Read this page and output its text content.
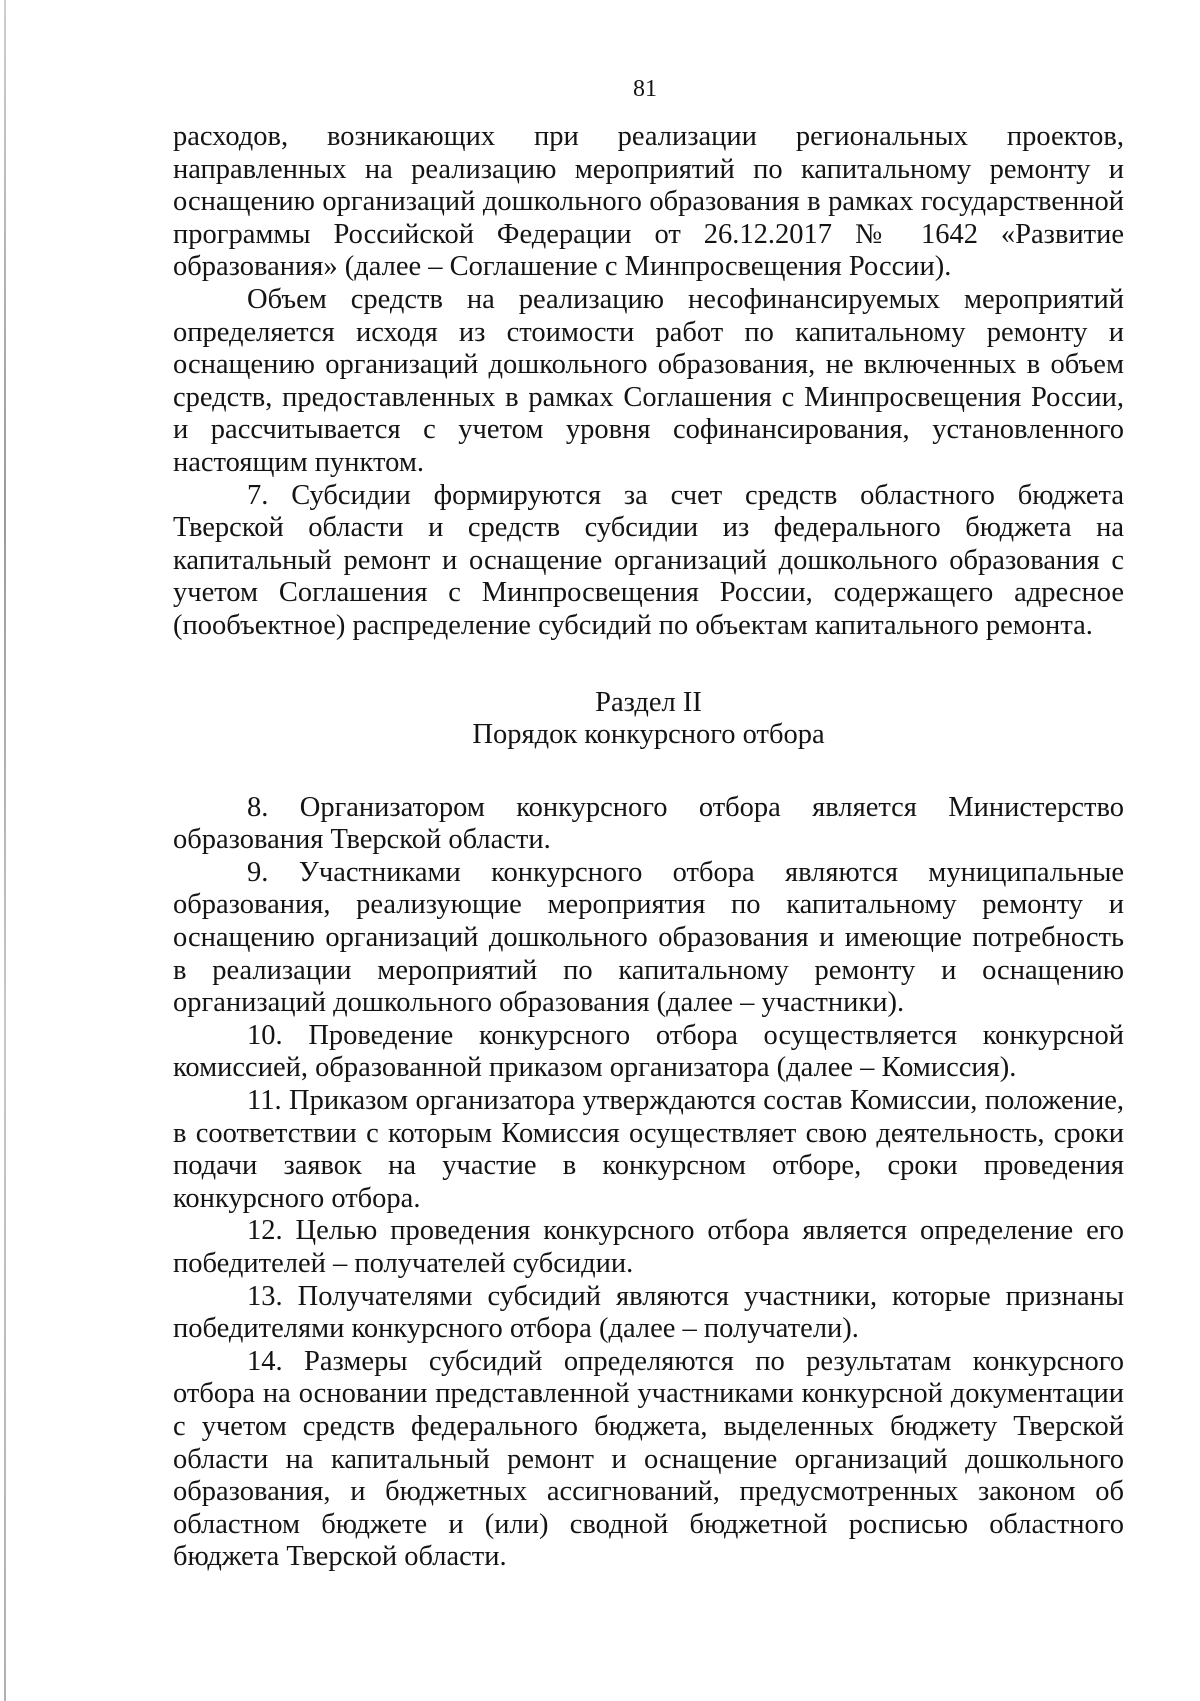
81

расходов, возникающих при реализации региональных проектов, направленных на реализацию мероприятий по капитальному ремонту и оснащению организаций дошкольного образования в рамках государственной программы Российской Федерации от 26.12.2017 № 1642 «Развитие образования» (далее – Соглашение с Минпросвещения России).

Объем средств на реализацию несофинансируемых мероприятий определяется исходя из стоимости работ по капитальному ремонту и оснащению организаций дошкольного образования, не включенных в объем средств, предоставленных в рамках Соглашения с Минпросвещения России, и рассчитывается с учетом уровня софинансирования, установленного настоящим пунктом.

7. Субсидии формируются за счет средств областного бюджета Тверской области и средств субсидии из федерального бюджета на капитальный ремонт и оснащение организаций дошкольного образования с учетом Соглашения с Минпросвещения России, содержащего адресное (пообъектное) распределение субсидий по объектам капитального ремонта.

Раздел II

Порядок конкурсного отбора

8. Организатором конкурсного отбора является Министерство образования Тверской области.

9. Участниками конкурсного отбора являются муниципальные образования, реализующие мероприятия по капитальному ремонту и оснащению организаций дошкольного образования и имеющие потребность в реализации мероприятий по капитальному ремонту и оснащению организаций дошкольного образования (далее – участники).

10. Проведение конкурсного отбора осуществляется конкурсной комиссией, образованной приказом организатора (далее – Комиссия).

11. Приказом организатора утверждаются состав Комиссии, положение, в соответствии с которым Комиссия осуществляет свою деятельность, сроки подачи заявок на участие в конкурсном отборе, сроки проведения конкурсного отбора.

12. Целью проведения конкурсного отбора является определение его победителей – получателей субсидии.

13. Получателями субсидий являются участники, которые признаны победителями конкурсного отбора (далее – получатели).

14. Размеры субсидий определяются по результатам конкурсного отбора на основании представленной участниками конкурсной документации с учетом средств федерального бюджета, выделенных бюджету Тверской области на капитальный ремонт и оснащение организаций дошкольного образования, и бюджетных ассигнований, предусмотренных законом об областном бюджете и (или) сводной бюджетной росписью областного бюджета Тверской области.
